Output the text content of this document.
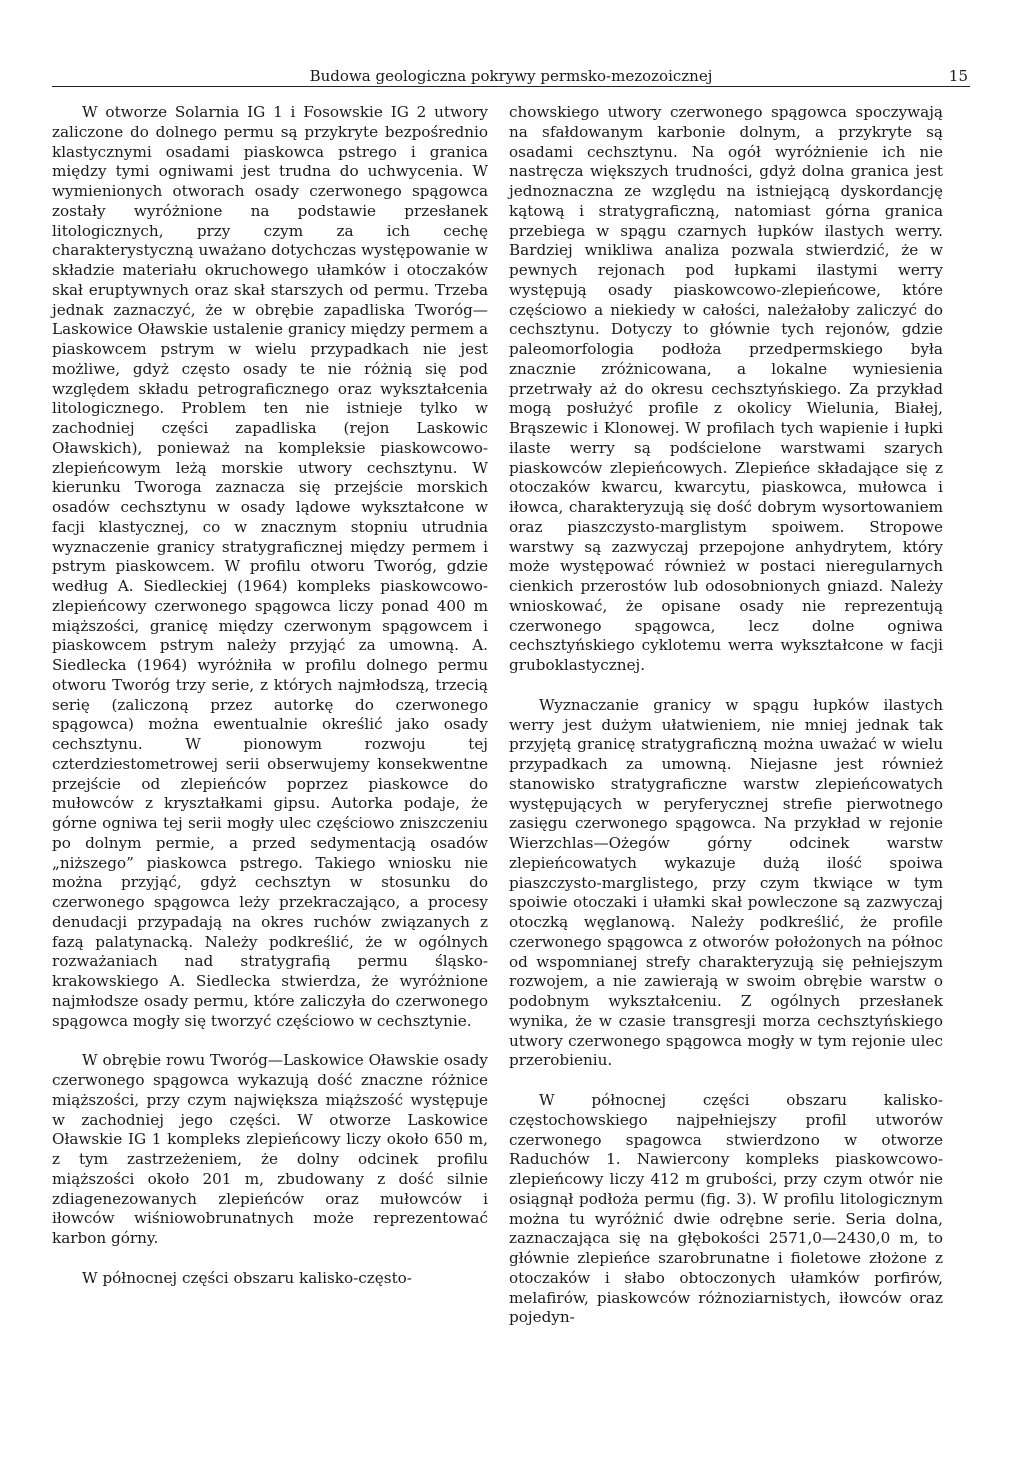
Budowa geologiczna pokrywy permsko-mezozoicznej	15

W otworze Solarnia IG 1 i Fosowskie IG 2 utwory zaliczone do dolnego permu są przykryte bezpośrednio klastycznymi osadami piaskowca pstrego i granica między tymi ogniwami jest trudna do uchwycenia. W wymienionych otworach osady czerwonego spągowca zostały wyróżnione na podstawie przesłanek litologicznych, przy czym za ich cechę charakterystyczną uważano dotychczas występowanie w składzie materiału okruchowego ułamków i otoczaków skał eruptywnych oraz skał starszych od permu. Trzeba jednak zaznaczyć, że w obrębie zapadliska Tworóg—Laskowice Oławskie ustalenie granicy między permem a piaskowcem pstrym w wielu przypadkach nie jest możliwe, gdyż często osady te nie różnią się pod względem składu petrograficznego oraz wykształcenia litologicznego. Problem ten nie istnieje tylko w zachodniej części zapadliska (rejon Laskowic Oławskich), ponieważ na kompleksie piaskowcowo-zlepieńcowym leżą morskie utwory cechsztynu. W kierunku Tworoga zaznacza się przejście morskich osadów cechsztynu w osady lądowe wykształcone w facji klastycznej, co w znacznym stopniu utrudnia wyznaczenie granicy stratygraficznej między permem i pstrym piaskowcem. W profilu otworu Tworóg, gdzie według A. Siedleckiej (1964) kompleks piaskowcowo-zlepieńcowy czerwonego spągowca liczy ponad 400 m miąższości, granicę między czerwonym spągowcem i piaskowcem pstrym należy przyjąć za umowną. A. Siedlecka (1964) wyróżniła w profilu dolnego permu otworu Tworóg trzy serie, z których najmłodszą, trzecią serię (zaliczoną przez autorkę do czerwonego spągowca) można ewentualnie określić jako osady cechsztynu. W pionowym rozwoju tej czterdziestometrowej serii obserwujemy konsekwentne przejście od zlepieńców poprzez piaskowce do mułowców z kryształkami gipsu. Autorka podaje, że górne ogniwa tej serii mogły ulec częściowo zniszczeniu po dolnym permie, a przed sedymentacją osadów „niższego” piaskowca pstrego. Takiego wniosku nie można przyjąć, gdyż cechsztyn w stosunku do czerwonego spągowca leży przekraczająco, a procesy denudacji przypadają na okres ruchów związanych z fazą palatynacką. Należy podkreślić, że w ogólnych rozważaniach nad stratygrafią permu śląsko-krakowskiego A. Siedlecka stwierdza, że wyróżnione najmłodsze osady permu, które zaliczyła do czerwonego spągowca mogły się tworzyć częściowo w cechsztynie.

W obrębie rowu Tworóg—Laskowice Oławskie osady czerwonego spągowca wykazują dość znaczne różnice miąższości, przy czym największa miąższość występuje w zachodniej jego części. W otworze Laskowice Oławskie IG 1 kompleks zlepieńcowy liczy około 650 m, z tym zastrzeżeniem, że dolny odcinek profilu miąższości około 201 m, zbudowany z dość silnie zdiagenezowanych zlepieńców oraz mułowców i iłowców wiśniowobrunatnych może reprezentować karbon górny.

W północnej części obszaru kalisko-często-

chowskiego utwory czerwonego spągowca spoczywają na sfałdowanym karbonie dolnym, a przykryte są osadami cechsztynu. Na ogół wyróżnienie ich nie nastręcza większych trudności, gdyż dolna granica jest jednoznaczna ze względu na istniejącą dyskordancję kątową i stratygraficzną, natomiast górna granica przebiega w spągu czarnych łupków ilastych werry. Bardziej wnikliwa analiza pozwala stwierdzić, że w pewnych rejonach pod łupkami ilastymi werry występują osady piaskowcowo-zlepieńcowe, które częściowo a niekiedy w całości, należałoby zaliczyć do cechsztynu. Dotyczy to głównie tych rejonów, gdzie paleomorfologia podłoża przedpermskiego była znacznie zróżnicowana, a lokalne wyniesienia przetrwały aż do okresu cechsztyńskiego. Za przykład mogą posłużyć profile z okolicy Wielunia, Białej, Brąszewic i Klonowej. W profilach tych wapienie i łupki ilaste werry są podścielone warstwami szarych piaskowców zlepieńcowych. Zlepieńce składające się z otoczaków kwarcu, kwarcytu, piaskowca, mułowca i iłowca, charakteryzują się dość dobrym wysortowaniem oraz piaszczysto-marglistym spoiwem. Stropowe warstwy są zazwyczaj przepojone anhydrytem, który może występować również w postaci nieregularnych cienkich przerostów lub odosobnionych gniazd. Należy wnioskować, że opisane osady nie reprezentują czerwonego spągowca, lecz dolne ogniwa cechsztyńskiego cyklotemu werra wykształcone w facji gruboklastycznej.

Wyznaczanie granicy w spągu łupków ilastych werry jest dużym ułatwieniem, nie mniej jednak tak przyjętą granicę stratygraficzną można uważać w wielu przypadkach za umowną. Niejasne jest również stanowisko stratygraficzne warstw zlepieńcowatych występujących w peryferycznej strefie pierwotnego zasięgu czerwonego spągowca. Na przykład w rejonie Wierzchlas—Ożegów górny odcinek warstw zlepieńcowatych wykazuje dużą ilość spoiwa piaszczysto-marglistego, przy czym tkwiące w tym spoiwie otoczaki i ułamki skał powleczone są zazwyczaj otoczką węglanową. Należy podkreślić, że profile czerwonego spągowca z otworów położonych na północ od wspomnianej strefy charakteryzują się pełniejszym rozwojem, a nie zawierają w swoim obrębie warstw o podobnym wykształceniu. Z ogólnych przesłanek wynika, że w czasie transgresji morza cechsztyńskiego utwory czerwonego spągowca mogły w tym rejonie ulec przerobieniu.

W północnej części obszaru kalisko-częstochowskiego najpełniejszy profil utworów czerwonego spagowca stwierdzono w otworze Raduchów 1. Nawiercony kompleks piaskowcowo-zlepieńcowy liczy 412 m grubości, przy czym otwór nie osiągnął podłoża permu (fig. 3). W profilu litologicznym można tu wyróżnić dwie odrębne serie. Seria dolna, zaznaczająca się na głębokości 2571,0—2430,0 m, to głównie zlepieńce szarobrunatne i fioletowe złożone z otoczaków i słabo obtoczonych ułamków porfirów, melafirów, piaskowców różnoziarnistych, iłowców oraz pojedyn-
